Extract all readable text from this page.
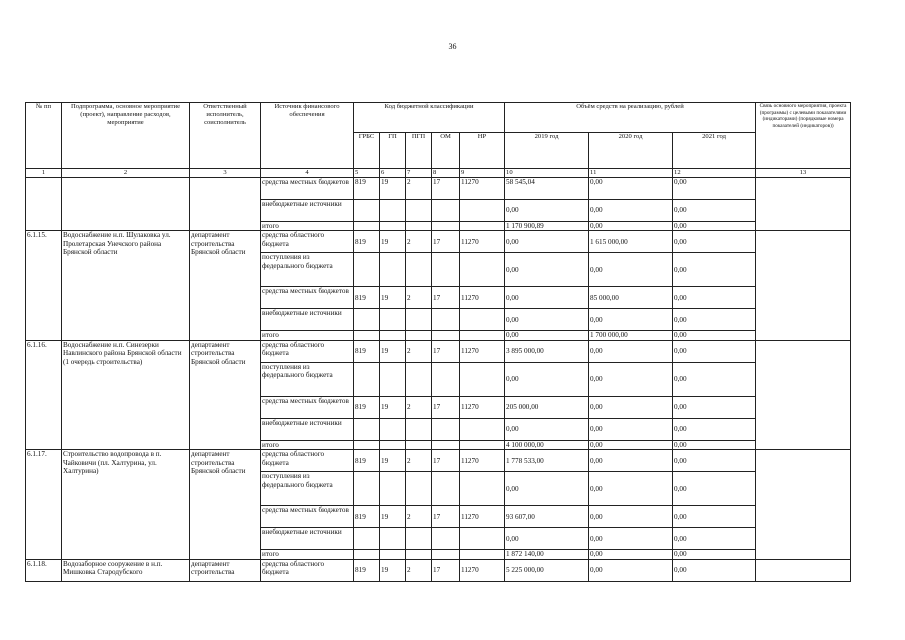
36
№ пп	Подпрограмма, основное мероприятие (проект), направление расходов, мероприятие	Ответственный исполнитель, соисполнитель	Источник финансового обеспечения	Код бюджетной классификации					Объём средств на реализацию, рублей			Связь основного мероприятия, проекта (программы) с целевыми показателями (индикаторами) (порядковые номера показателей (индикаторов))
				ГРБС	ГП	ПГП	ОМ	НР	2019 год	2020 год	2021 год	
1	2	3	4	5	6	7	8	9	10	11	12	13
			средства местных бюджетов	819	19	2	17	11270	58 545,04	0,00	0,00	
			внебюджетные источники						0,00	0,00	0,00	
			итого						1 170 900,89	0,00	0,00	
6.1.15.	Водоснабжение н.п. Шулаковка ул. Пролетарская Унечского района Брянской области	департамент строительства Брянской области	средства областного бюджета	819	19	2	17	11270	0,00	1 615 000,00	0,00	
			поступления из федерального бюджета						0,00	0,00	0,00	
			средства местных бюджетов	819	19	2	17	11270	0,00	85 000,00	0,00	
			внебюджетные источники						0,00	0,00	0,00	
			итого						0,00	1 700 000,00	0,00	
6.1.16.	Водоснабжение н.п. Синезерки Навлинского района Брянской области (1 очередь строительства)	департамент строительства Брянской области	средства областного бюджета	819	19	2	17	11270	3 895 000,00	0,00	0,00	
			поступления из федерального бюджета						0,00	0,00	0,00	
			средства местных бюджетов	819	19	2	17	11270	205 000,00	0,00	0,00	
			внебюджетные источники						0,00	0,00	0,00	
			итого						4 100 000,00	0,00	0,00	
6.1.17.	Строительство водопровода в п. Чайковичи (пл. Халтурина, ул. Халтурина)	департамент строительства Брянской области	средства областного бюджета	819	19	2	17	11270	1 778 533,00	0,00	0,00	
			поступления из федерального бюджета						0,00	0,00	0,00	
			средства местных бюджетов	819	19	2	17	11270	93 607,00	0,00	0,00	
			внебюджетные источники						0,00	0,00	0,00	
			итого						1 872 140,00	0,00	0,00	
6.1.18.	Водозаборное сооружение в н.п. Мишковка Стародубского	департамент строительства	средства областного бюджета	819	19	2	17	11270	5 225 000,00	0,00	0,00	
